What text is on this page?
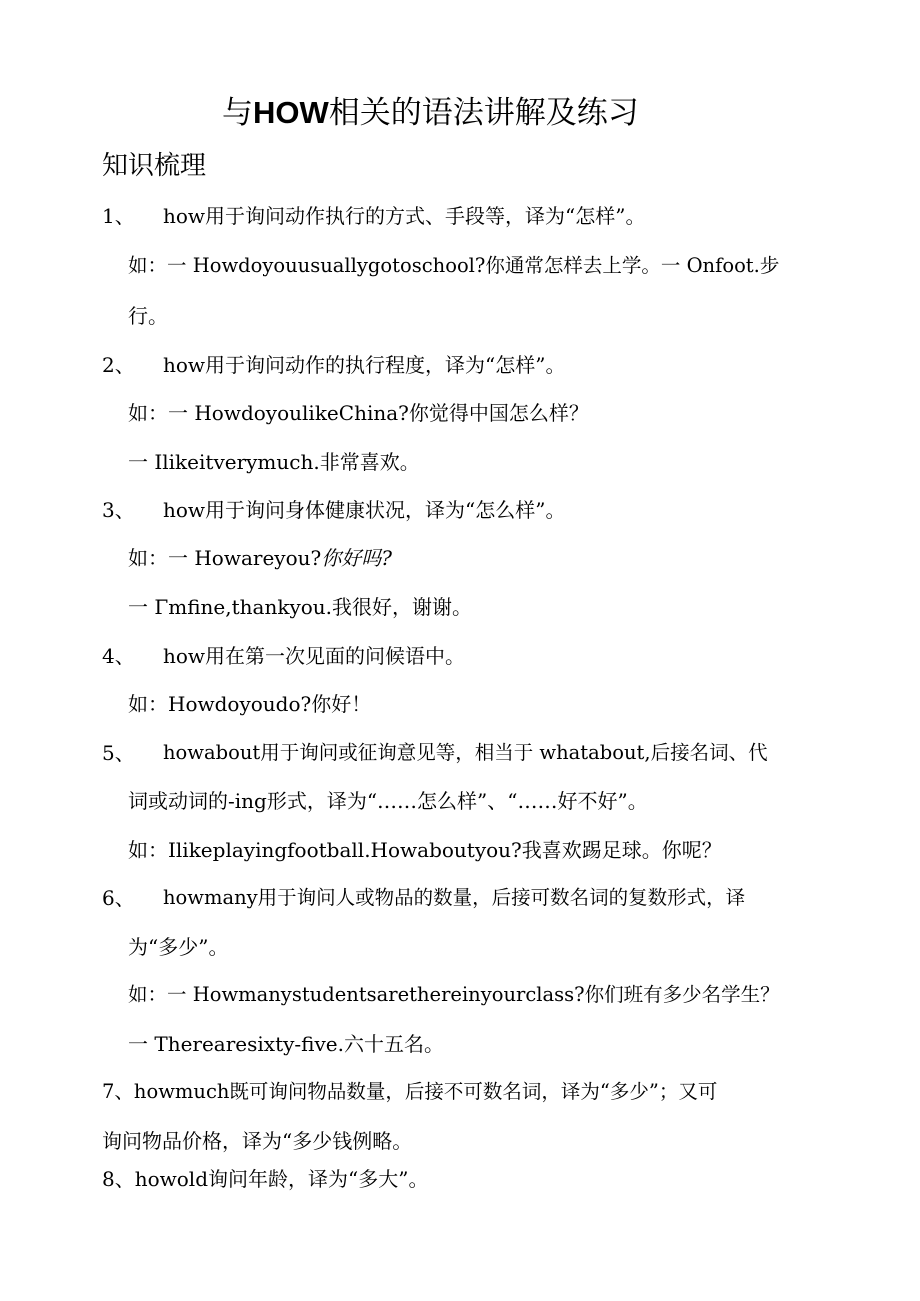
与HOW相关的语法讲解及练习
知识梳理
1、 how用于询问动作执行的方式、手段等，译为“怎样”。
如：一 Howdoyouusuallygotoschool?你通常怎样去上学。一 Onfoot.步
行。
2、 how用于询问动作的执行程度，译为“怎样”。
如：一 HowdoyoulikeChina?你觉得中国怎么样？
一 Ilikeitverymuch.非常喜欢。
3、 how用于询问身体健康状况，译为“怎么样”。
如：一 Howareyou?你好吗?
一 Γmfine,thankyou.我很好，谢谢。
4、 how用在第一次见面的问候语中。
如：Howdoyoudo?你好！
5、 howabout用于询问或征询意见等，相当于 whatabout,后接名词、代
词或动词的-ing形式，译为“……怎么样”、“……好不好”。
如：Ilikeplayingfootball.Howaboutyou?我喜欢踢足球。你呢？
6、 howmany用于询问人或物品的数量，后接可数名词的复数形式，译
为“多少”。
如：一 Howmanystudentsarethereinyourclass?你们班有多少名学生？
一 Therearesixty-five.六十五名。
7、howmuch既可询问物品数量，后接不可数名词，译为“多少”；又可
询问物品价格，译为“多少钱例略。
8、howold询问年龄，译为“多大”。
